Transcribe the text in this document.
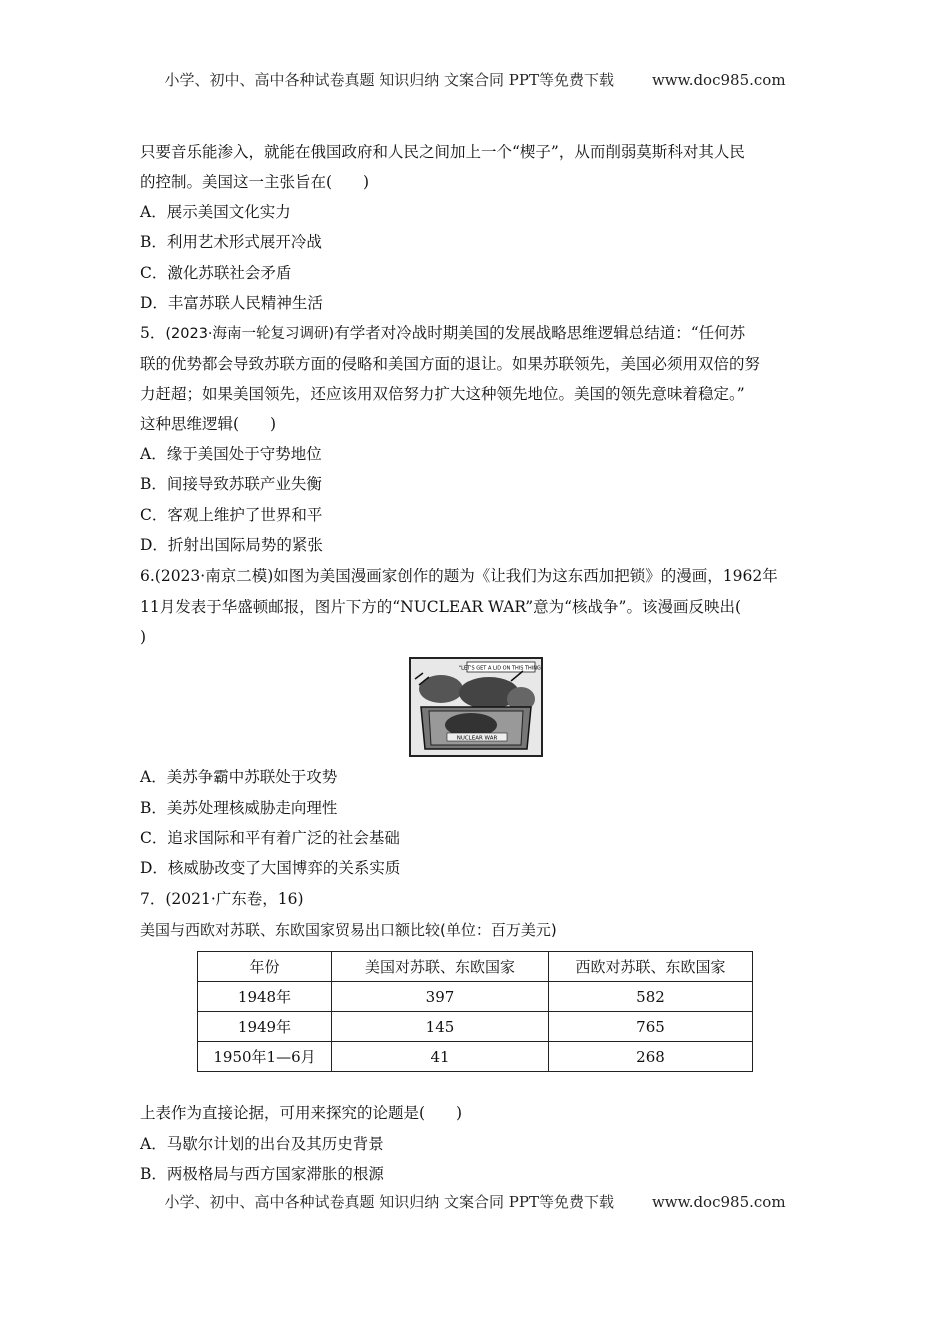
小学、初中、高中各种试卷真题 知识归纳 文案合同 PPT等免费下载	www.doc985.com
只要音乐能渗入，就能在俄国政府和人民之间加上一个“楔子”，从而削弱莫斯科对其人民
的控制。美国这一主张旨在(　　)
A．展示美国文化实力
B．利用艺术形式展开冷战
C．激化苏联社会矛盾
D．丰富苏联人民精神生活
5．(2023·海南一轮复习调研)有学者对冷战时期美国的发展战略思维逻辑总结道：“任何苏
联的优势都会导致苏联方面的侵略和美国方面的退让。如果苏联领先，美国必须用双倍的努
力赶超；如果美国领先，还应该用双倍努力扩大这种领先地位。美国的领先意味着稳定。”
这种思维逻辑(　　)
A．缘于美国处于守势地位
B．间接导致苏联产业失衡
C．客观上维护了世界和平
D．折射出国际局势的紧张
6.(2023·南京二模)如图为美国漫画家创作的题为《让我们为这东西加把锁》的漫画，1962年
11月发表于华盛顿邮报，图片下方的“NUCLEAR WAR”意为“核战争”。该漫画反映出(
)
"LET'S GET A LID ON THIS THING"
NUCLEAR WAR
A．美苏争霸中苏联处于攻势
B．美苏处理核威胁走向理性
C．追求国际和平有着广泛的社会基础
D．核威胁改变了大国博弈的关系实质
7．(2021·广东卷，16)
美国与西欧对苏联、东欧国家贸易出口额比较(单位：百万美元)
年份	美国对苏联、东欧国家	西欧对苏联、东欧国家
1948年	397	582
1949年	145	765
1950年1—6月	41	268
上表作为直接论据，可用来探究的论题是(　　)
A．马歇尔计划的出台及其历史背景
B．两极格局与西方国家滞胀的根源
小学、初中、高中各种试卷真题 知识归纳 文案合同 PPT等免费下载	www.doc985.com
